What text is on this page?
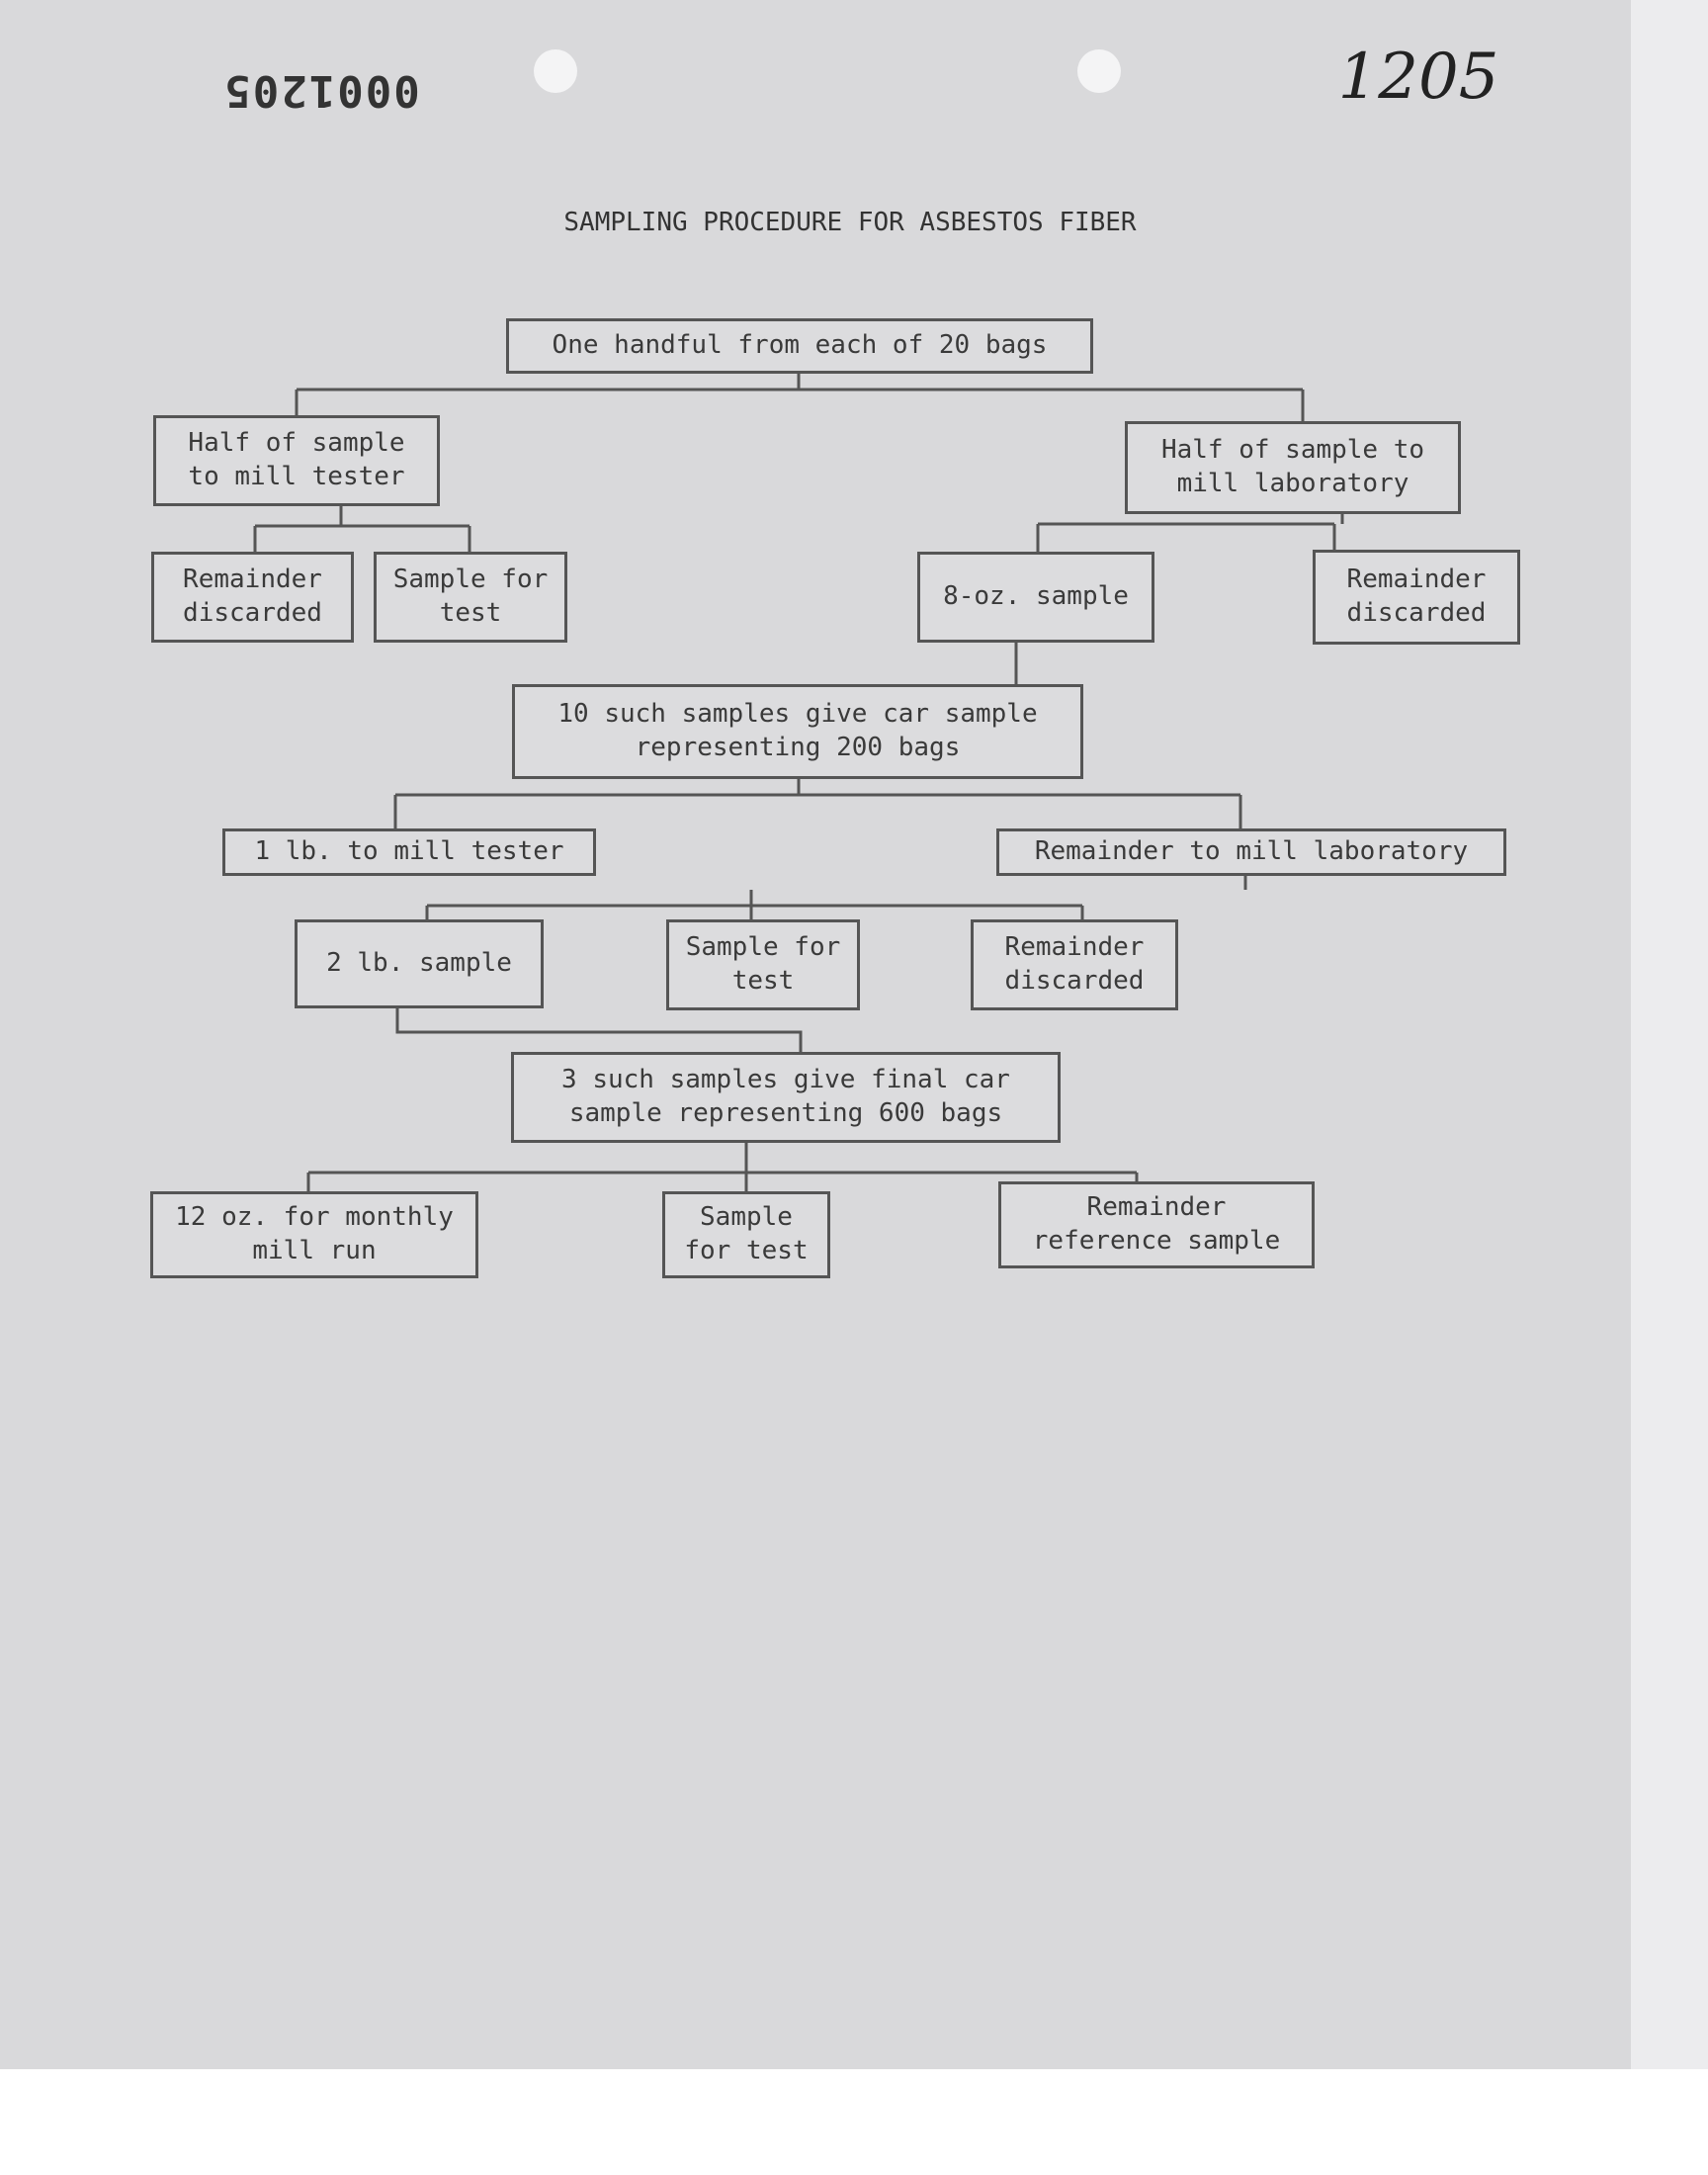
0001205	1205
SAMPLING PROCEDURE FOR ASBESTOS FIBER
One handful from each of 20 bags
Half of sample to mill tester
Half of sample to mill laboratory
Remainder discarded
Sample for test
8-oz. sample
Remainder discarded
10 such samples give car sample representing 200 bags
1 lb. to mill tester	Remainder to mill laboratory
2 lb. sample
Sample for test
Remainder discarded
3 such samples give final car sample representing 600 bags
12 oz. for monthly mill run
Sample for test
Remainder reference sample
